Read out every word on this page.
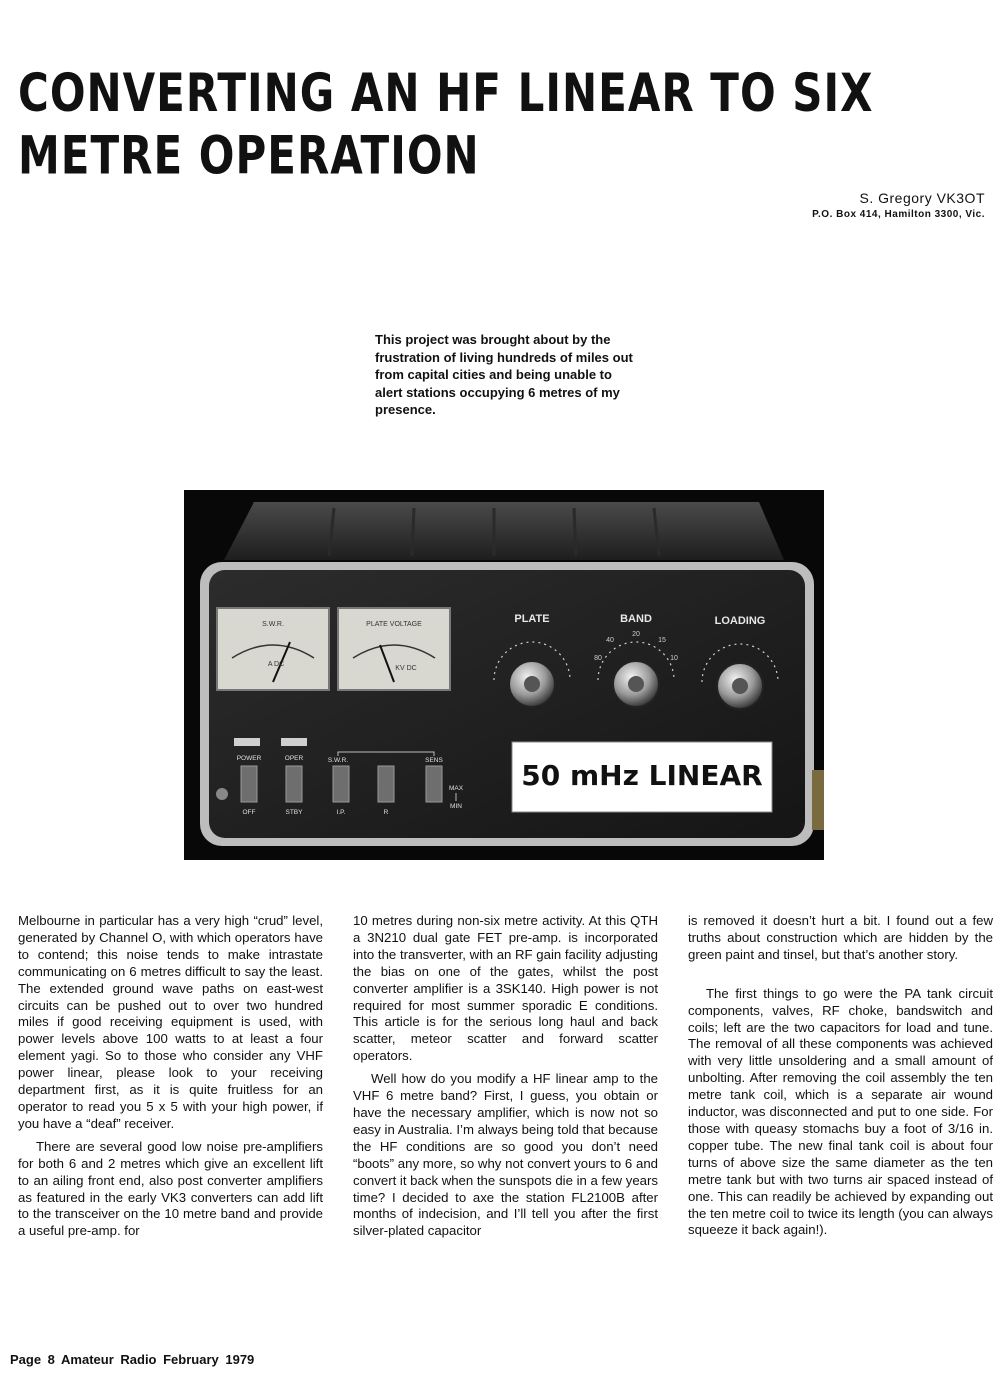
CONVERTING AN HF LINEAR TO SIX METRE OPERATION
S. Gregory VK3OT
P.O. Box 414, Hamilton 3300, Vic.
This project was brought about by the frustration of living hundreds of miles out from capital cities and being unable to alert stations occupying 6 metres of my presence.
S.W.R.
A DC
PLATE VOLTAGE
KV DC
PLATE	BAND	LOADING
40
20
15
80	10
POWER	OPER	S.W.R.	SENS
OFF	STBY	I.P.	R
MAX
MIN
50 mHz LINEAR

Melbourne in particular has a very high “crud” level, generated by Channel O, with which operators have to contend; this noise tends to make intrastate communicating on 6 metres difficult to say the least. The extended ground wave paths on east-west circuits can be pushed out to over two hundred miles if good receiving equipment is used, with power levels above 100 watts to at least a four element yagi. So to those who consider any VHF power linear, please look to your receiving department first, as it is quite fruitless for an operator to read you 5 x 5 with your high power, if you have a “deaf” receiver.

There are several good low noise pre-amplifiers for both 6 and 2 metres which give an excellent lift to an ailing front end, also post converter amplifiers as featured in the early VK3 converters can add lift to the transceiver on the 10 metre band and provide a useful pre-amp. for

10 metres during non-six metre activity. At this QTH a 3N210 dual gate FET pre-amp. is incorporated into the transverter, with an RF gain facility adjusting the bias on one of the gates, whilst the post converter amplifier is a 3SK140. High power is not required for most summer sporadic E conditions. This article is for the serious long haul and back scatter, meteor scatter and forward scatter operators.

Well how do you modify a HF linear amp to the VHF 6 metre band? First, I guess, you obtain or have the necessary amplifier, which is now not so easy in Australia. I’m always being told that because the HF conditions are so good you don’t need “boots” any more, so why not convert yours to 6 and convert it back when the sunspots die in a few years time? I decided to axe the station FL2100B after months of indecision, and I’ll tell you after the first silver-plated capacitor

is removed it doesn’t hurt a bit. I found out a few truths about construction which are hidden by the green paint and tinsel, but that’s another story.

The first things to go were the PA tank circuit components, valves, RF choke, bandswitch and coils; left are the two capacitors for load and tune. The removal of all these components was achieved with very little unsoldering and a small amount of unbolting. After removing the coil assembly the ten metre tank coil, which is a separate air wound inductor, was disconnected and put to one side. For those with queasy stomachs buy a foot of 3/16 in. copper tube. The new final tank coil is about four turns of above size the same diameter as the ten metre tank but with two turns air spaced instead of one. This can readily be achieved by expanding out the ten metre coil to twice its length (you can always squeeze it back again!).

Page 8 Amateur Radio February 1979
